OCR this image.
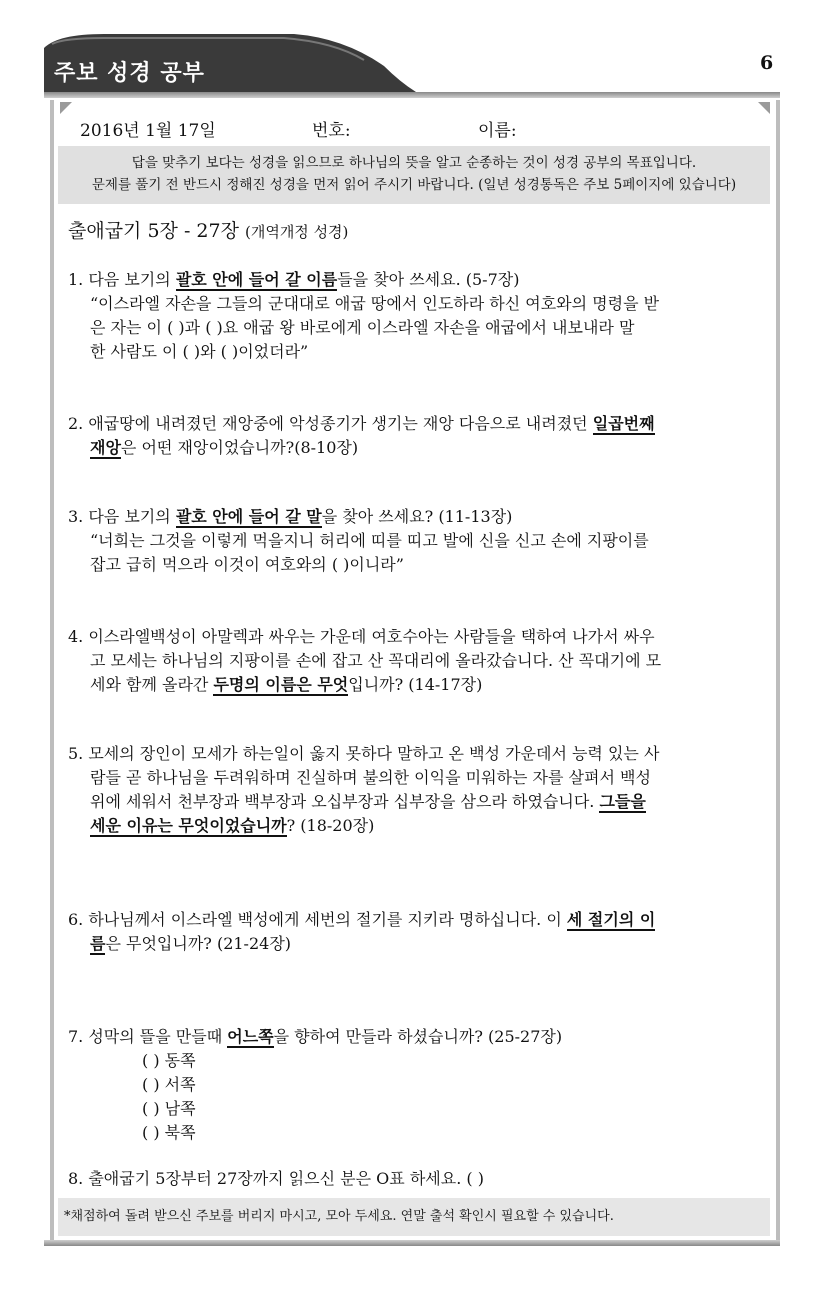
주보 성경 공부	6
2016년 1월 17일	번호:	이름:
답을 맞추기 보다는 성경을 읽으므로 하나님의 뜻을 알고 순종하는 것이 성경 공부의 목표입니다.
문제를 풀기 전 반드시 정해진 성경을 먼저 읽어 주시기 바랍니다. (일년 성경통독은 주보 5페이지에 있습니다)
출애굽기 5장 - 27장 (개역개정 성경)
1. 다음 보기의 괄호 안에 들어 갈 이름들을 찾아 쓰세요. (5-7장)
“이스라엘 자손을 그들의 군대대로 애굽 땅에서 인도하라 하신 여호와의 명령을 받
은 자는 이 ( )과 ( )요 애굽 왕 바로에게 이스라엘 자손을 애굽에서 내보내라 말
한 사람도 이 ( )와 ( )이었더라”
2. 애굽땅에 내려졌던 재앙중에 악성종기가 생기는 재앙 다음으로 내려졌던 일곱번째
재앙은 어떤 재앙이었습니까?(8-10장)
3. 다음 보기의 괄호 안에 들어 갈 말을 찾아 쓰세요? (11-13장)
“너희는 그것을 이렇게 먹을지니 허리에 띠를 띠고 발에 신을 신고 손에 지팡이를
잡고 급히 먹으라 이것이 여호와의 ( )이니라”
4. 이스라엘백성이 아말렉과 싸우는 가운데 여호수아는 사람들을 택하여 나가서 싸우
고 모세는 하나님의 지팡이를 손에 잡고 산 꼭대리에 올라갔습니다. 산 꼭대기에 모
세와 함께 올라간 두명의 이름은 무엇입니까? (14-17장)
5. 모세의 장인이 모세가 하는일이 옳지 못하다 말하고 온 백성 가운데서 능력 있는 사
람들 곧 하나님을 두려워하며 진실하며 불의한 이익을 미워하는 자를 살펴서 백성
위에 세워서 천부장과 백부장과 오십부장과 십부장을 삼으라 하였습니다. 그들을
세운 이유는 무엇이었습니까? (18-20장)
6. 하나님께서 이스라엘 백성에게 세번의 절기를 지키라 명하십니다. 이 세 절기의 이
름은 무엇입니까? (21-24장)
7. 성막의 뜰을 만들때 어느쪽을 향하여 만들라 하셨습니까? (25-27장)
( ) 동쪽
( ) 서쪽
( ) 남쪽
( ) 북쪽
8. 출애굽기 5장부터 27장까지 읽으신 분은 O표 하세요. ( )
*채점하여 돌려 받으신 주보를 버리지 마시고, 모아 두세요. 연말 출석 확인시 필요할 수 있습니다.
